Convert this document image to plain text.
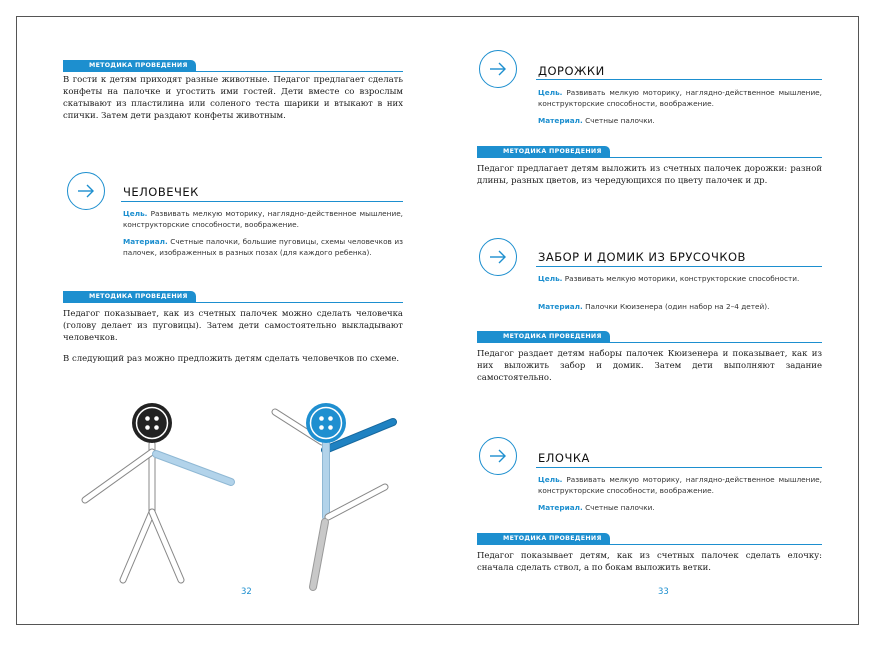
МЕТОДИКА ПРОВЕДЕНИЯ

В гости к детям приходят разные животные. Педагог предлагает сделать конфеты на палочке и угостить ими гостей. Дети вместе со взрослым скатывают из пластилина или соленого теста шарики и втыкают в них спички. Затем дети раздают конфеты животным.

ЧЕЛОВЕЧЕК
Цель. Развивать мелкую моторику, наглядно-действенное мышление, конструкторские способности, воображение.
Материал. Счетные палочки, большие пуговицы, схемы человечков из палочек, изображенных в разных позах (для каждого ребенка).
МЕТОДИКА ПРОВЕДЕНИЯ

Педагог показывает, как из счетных палочек можно сделать человечка (голову делает из пуговицы). Затем дети самостоятельно выкладывают человечков.

В следующий раз можно предложить детям сделать человечков по схеме.

32
ДОРОЖКИ
Цель. Развивать мелкую моторику, наглядно-действенное мышление, конструкторские способности, воображение.
Материал. Счетные палочки.
МЕТОДИКА ПРОВЕДЕНИЯ

Педагог предлагает детям выложить из счетных палочек дорожки: разной длины, разных цветов, из чередующихся по цвету палочек и др.

ЗАБОР И ДОМИК ИЗ БРУСОЧКОВ
Цель. Развивать мелкую моторики, конструкторские способности.
Материал. Палочки Кюизенера (один набор на 2–4 детей).
МЕТОДИКА ПРОВЕДЕНИЯ

Педагог раздает детям наборы палочек Кюизенера и показывает, как из них выложить забор и домик. Затем дети выполняют задание самостоятельно.

ЕЛОЧКА
Цель. Развивать мелкую моторику, наглядно-действенное мышление, конструкторские способности, воображение.
Материал. Счетные палочки.
МЕТОДИКА ПРОВЕДЕНИЯ

Педагог показывает детям, как из счетных палочек сделать елочку: сначала сделать ствол, а по бокам выложить ветки.

33
